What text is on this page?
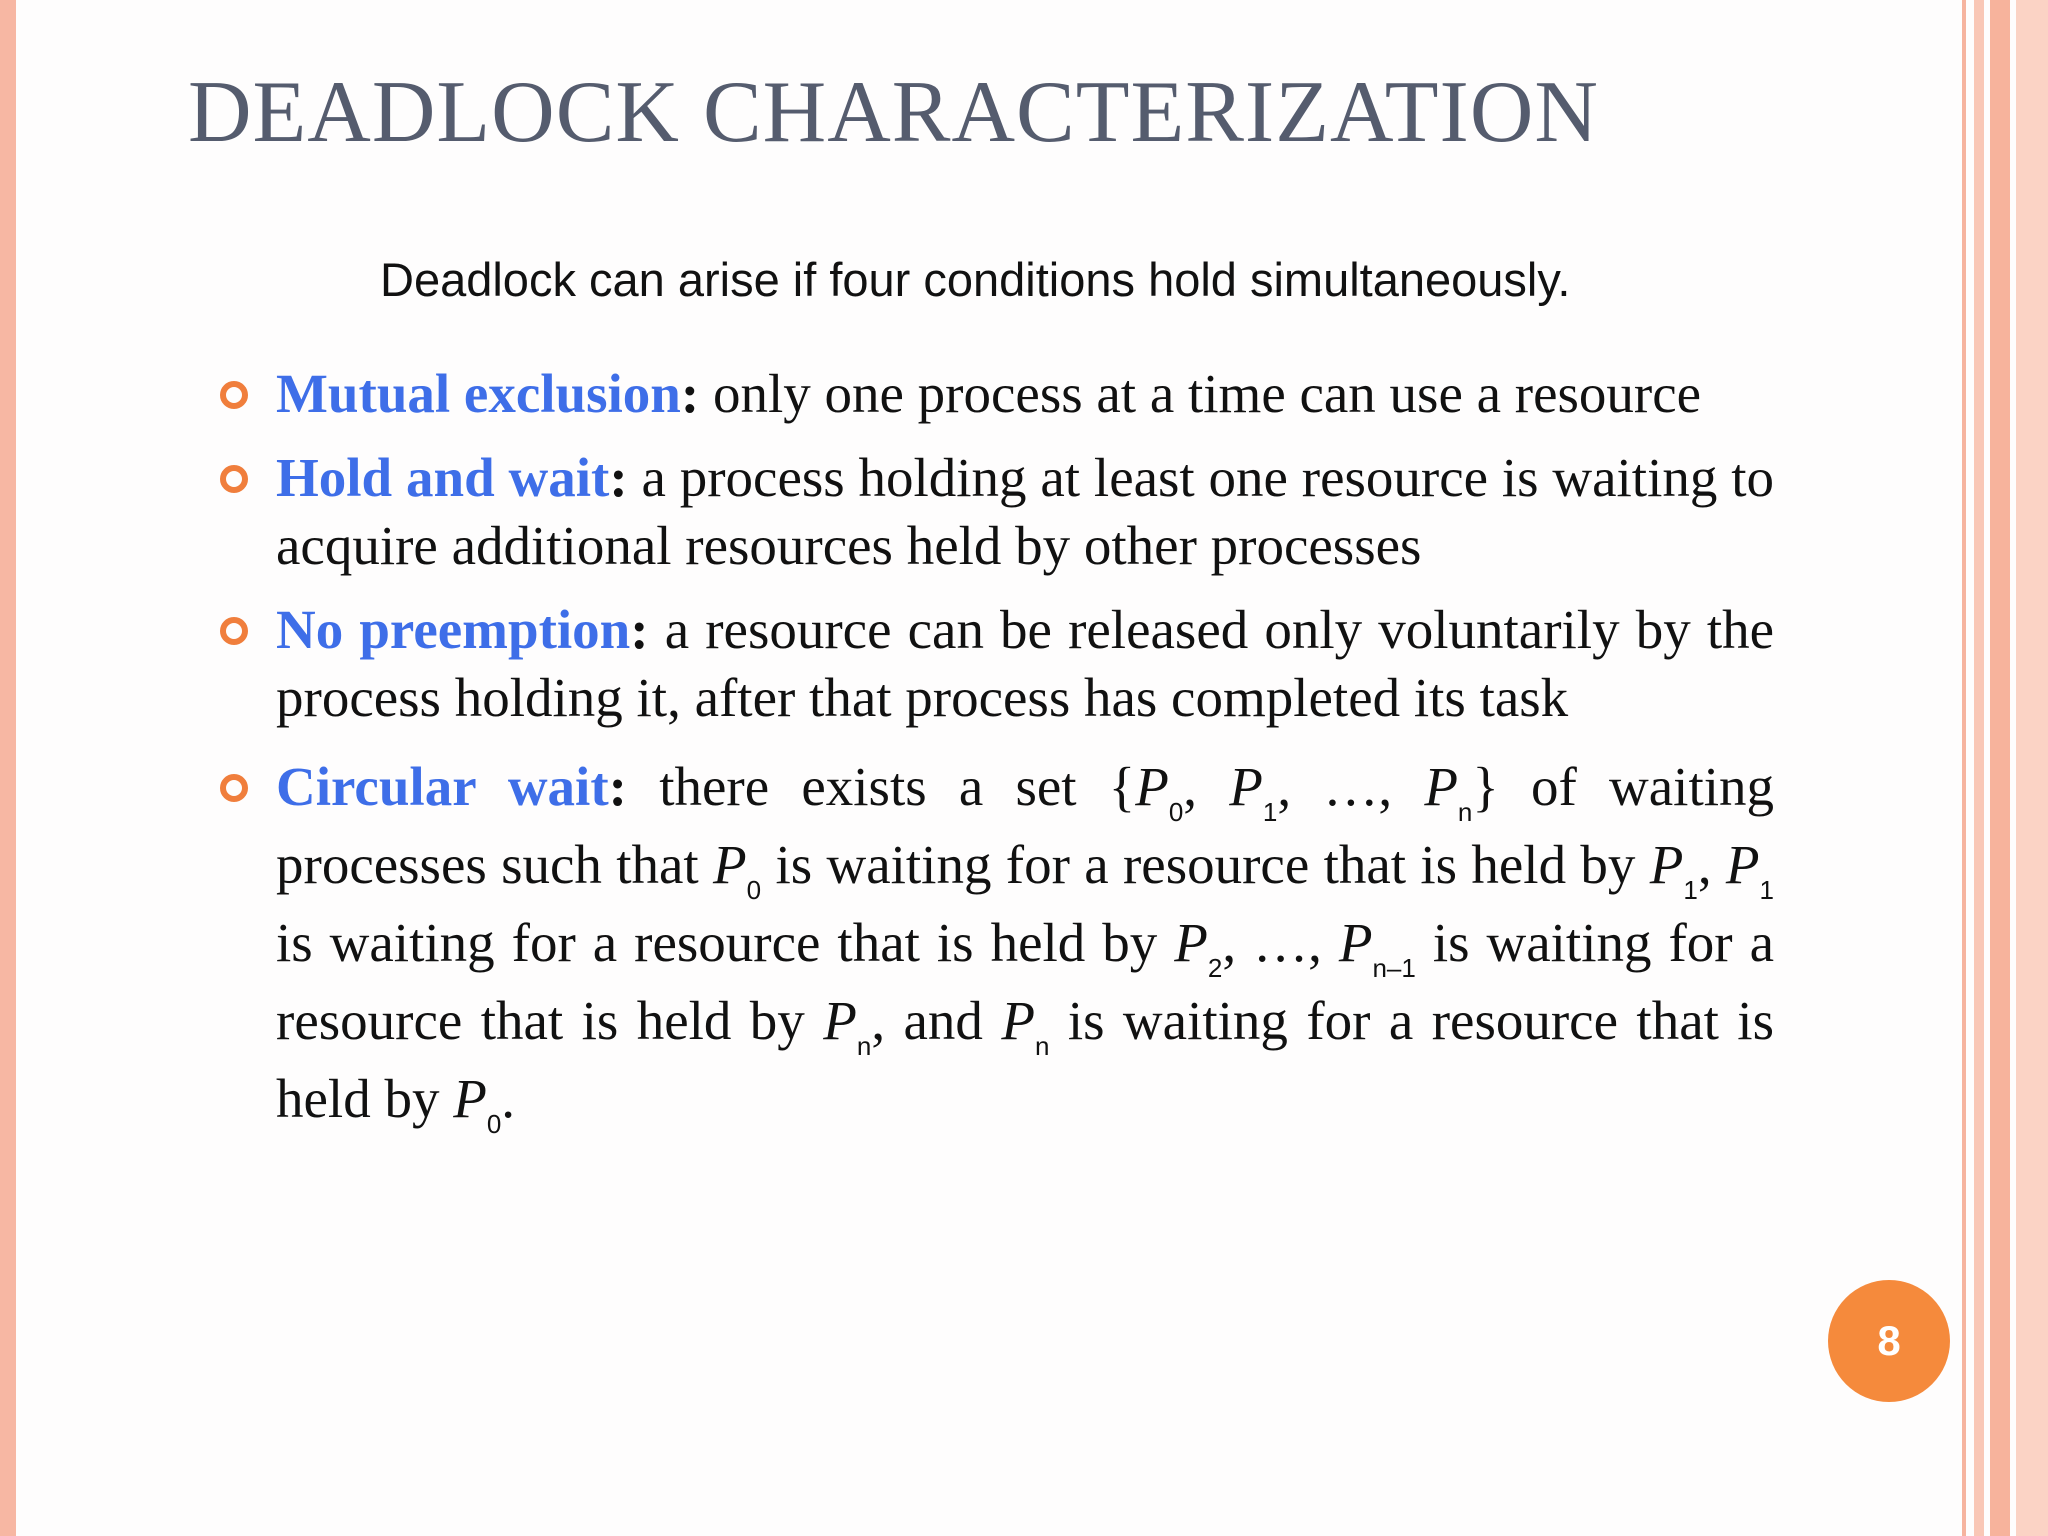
DEADLOCK CHARACTERIZATION

Deadlock can arise if four conditions hold simultaneously.

Mutual exclusion: only one process at a time can use a resource
Hold and wait: a process holding at least one resource is waiting to acquire additional resources held by other processes
No preemption: a resource can be released only voluntarily by the process holding it, after that process has completed its task
Circular wait: there exists a set {$P_0$, $P_1$, …, $P_n$} of waiting processes such that $P_0$ is waiting for a resource that is held by $P_1$, $P_1$ is waiting for a resource that is held by $P_2$, …, $P_{n-1}$ is waiting for a resource that is held by $P_n$, and $P_n$ is waiting for a resource that is held by $P_0$.
8
